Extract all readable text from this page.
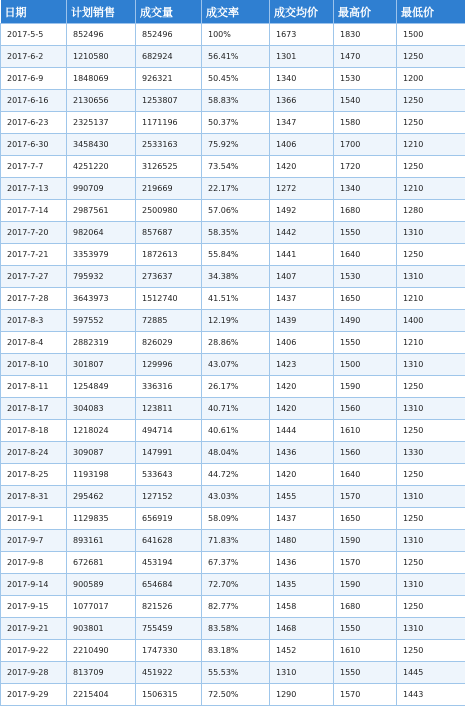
日期	计划销售	成交量	成交率	成交均价	最高价	最低价
2017-5-5	852496	852496	100%	1673	1830	1500
2017-6-2	1210580	682924	56.41%	1301	1470	1250
2017-6-9	1848069	926321	50.45%	1340	1530	1200
2017-6-16	2130656	1253807	58.83%	1366	1540	1250
2017-6-23	2325137	1171196	50.37%	1347	1580	1250
2017-6-30	3458430	2533163	75.92%	1406	1700	1210
2017-7-7	4251220	3126525	73.54%	1420	1720	1250
2017-7-13	990709	219669	22.17%	1272	1340	1210
2017-7-14	2987561	2500980	57.06%	1492	1680	1280
2017-7-20	982064	857687	58.35%	1442	1550	1310
2017-7-21	3353979	1872613	55.84%	1441	1640	1250
2017-7-27	795932	273637	34.38%	1407	1530	1310
2017-7-28	3643973	1512740	41.51%	1437	1650	1210
2017-8-3	597552	72885	12.19%	1439	1490	1400
2017-8-4	2882319	826029	28.86%	1406	1550	1210
2017-8-10	301807	129996	43.07%	1423	1500	1310
2017-8-11	1254849	336316	26.17%	1420	1590	1250
2017-8-17	304083	123811	40.71%	1420	1560	1310
2017-8-18	1218024	494714	40.61%	1444	1610	1250
2017-8-24	309087	147991	48.04%	1436	1560	1330
2017-8-25	1193198	533643	44.72%	1420	1640	1250
2017-8-31	295462	127152	43.03%	1455	1570	1310
2017-9-1	1129835	656919	58.09%	1437	1650	1250
2017-9-7	893161	641628	71.83%	1480	1590	1310
2017-9-8	672681	453194	67.37%	1436	1570	1250
2017-9-14	900589	654684	72.70%	1435	1590	1310
2017-9-15	1077017	821526	82.77%	1458	1680	1250
2017-9-21	903801	755459	83.58%	1468	1550	1310
2017-9-22	2210490	1747330	83.18%	1452	1610	1250
2017-9-28	813709	451922	55.53%	1310	1550	1445
2017-9-29	2215404	1506315	72.50%	1290	1570	1443
